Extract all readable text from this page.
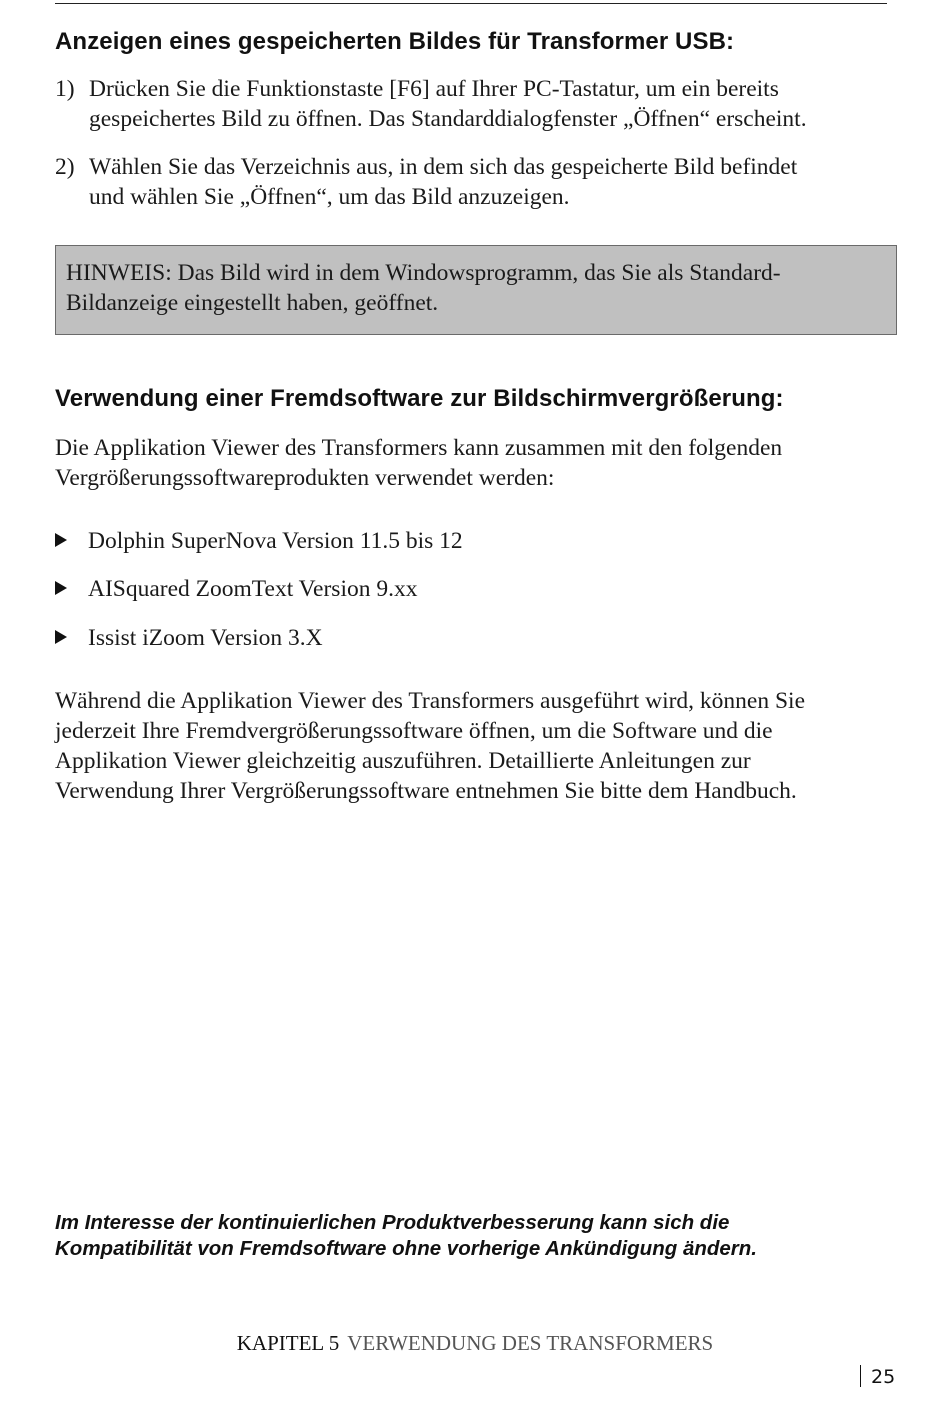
Anzeigen eines gespeicherten Bildes für Transformer USB:
1) Drücken Sie die Funktionstaste [F6] auf Ihrer PC-Tastatur, um ein bereits
gespeichertes Bild zu öffnen. Das Standarddialogfenster „Öffnen“ erscheint.
2) Wählen Sie das Verzeichnis aus, in dem sich das gespeicherte Bild befindet
und wählen Sie „Öffnen“, um das Bild anzuzeigen.
HINWEIS: Das Bild wird in dem Windowsprogramm, das Sie als Standard-
Bildanzeige eingestellt haben, geöffnet.
Verwendung einer Fremdsoftware zur Bildschirmvergrößerung:
Die Applikation Viewer des Transformers kann zusammen mit den folgenden
Vergrößerungssoftwareprodukten verwendet werden:
Dolphin SuperNova Version 11.5 bis 12
AISquared ZoomText Version 9.xx
Issist iZoom Version 3.X
Während die Applikation Viewer des Transformers ausgeführt wird, können Sie
jederzeit Ihre Fremdvergrößerungssoftware öffnen, um die Software und die
Applikation Viewer gleichzeitig auszuführen. Detaillierte Anleitungen zur
Verwendung Ihrer Vergrößerungssoftware entnehmen Sie bitte dem Handbuch.
Im Interesse der kontinuierlichen Produktverbesserung kann sich die
Kompatibilität von Fremdsoftware ohne vorherige Ankündigung ändern.
KAPITEL 5 VERWENDUNG DES TRANSFORMERS
25
